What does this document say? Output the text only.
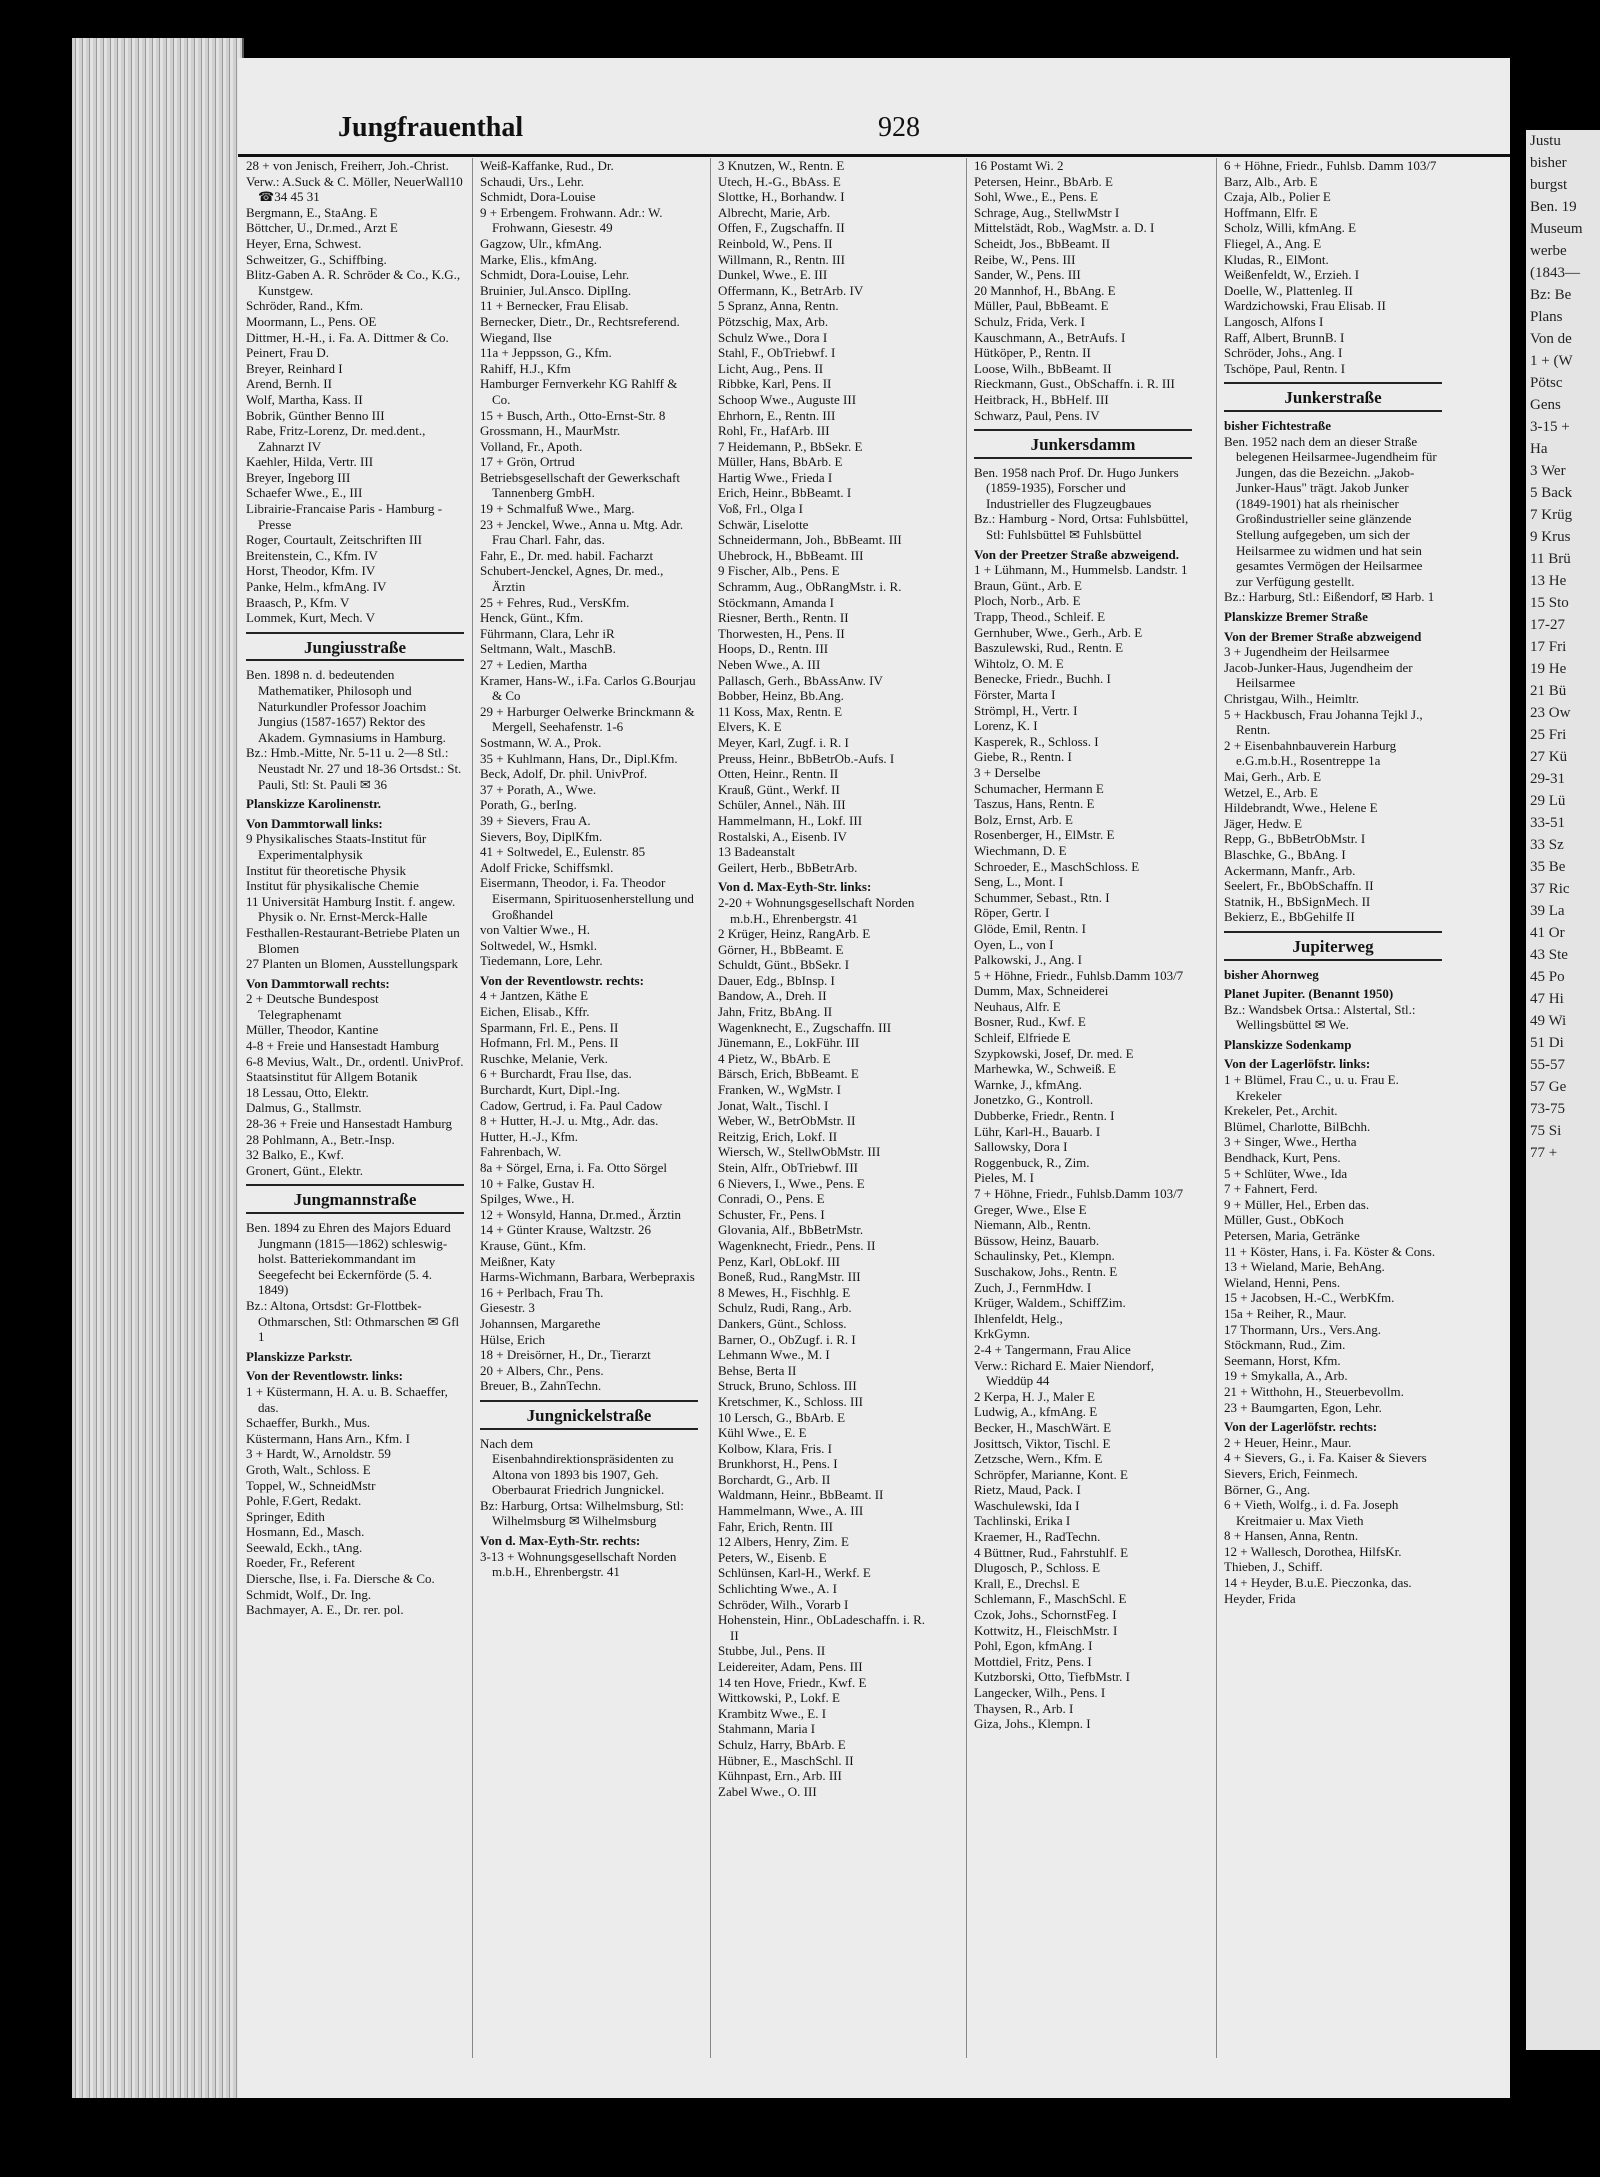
Jungfrauenthal	928

28 + von Jenisch, Freiherr, Joh.-Christ.

Verw.: A.Suck & C. Möller, NeuerWall10 ☎34 45 31

Bergmann, E., StaAng. E

Böttcher, U., Dr.med., Arzt E

Heyer, Erna, Schwest.

Schweitzer, G., Schiffbing.

Blitz-Gaben A. R. Schröder & Co., K.G., Kunstgew.

Schröder, Rand., Kfm.

Moormann, L., Pens. OE

Dittmer, H.-H., i. Fa. A. Dittmer & Co.

Peinert, Frau D.

Breyer, Reinhard I

Arend, Bernh. II

Wolf, Martha, Kass. II

Bobrik, Günther Benno III

Rabe, Fritz-Lorenz, Dr. med.dent., Zahnarzt IV

Kaehler, Hilda, Vertr. III

Breyer, Ingeborg III

Schaefer Wwe., E., III

Librairie-Francaise Paris - Hamburg - Presse

Roger, Courtault, Zeitschriften III

Breitenstein, C., Kfm. IV

Horst, Theodor, Kfm. IV

Panke, Helm., kfmAng. IV

Braasch, P., Kfm. V

Lommek, Kurt, Mech. V

Jungiusstraße

Ben. 1898 n. d. bedeutenden Mathematiker, Philosoph und Naturkundler Professor Joachim Jungius (1587-1657) Rektor des Akadem. Gymnasiums in Hamburg.

Bz.: Hmb.-Mitte, Nr. 5-11 u. 2—8 Stl.: Neustadt Nr. 27 und 18-36 Ortsdst.: St. Pauli, Stl: St. Pauli ✉ 36

Planskizze Karolinenstr.

Von Dammtorwall links:

9 Physikalisches Staats-Institut für Experimentalphysik

Institut für theoretische Physik

Institut für physikalische Chemie

11 Universität Hamburg Instit. f. angew. Physik o. Nr. Ernst-Merck-Halle

Festhallen-Restaurant-Betriebe Platen un Blomen

27 Planten un Blomen, Ausstellungspark

Von Dammtorwall rechts:

2 + Deutsche Bundespost Telegraphenamt

Müller, Theodor, Kantine

4-8 + Freie und Hansestadt Hamburg

6-8 Mevius, Walt., Dr., ordentl. UnivProf.

Staatsinstitut für Allgem Botanik

18 Lessau, Otto, Elektr.

Dalmus, G., Stallmstr.

28-36 + Freie und Hansestadt Hamburg

28 Pohlmann, A., Betr.-Insp.

32 Balko, E., Kwf.

Gronert, Günt., Elektr.

Jungmannstraße

Ben. 1894 zu Ehren des Majors Eduard Jungmann (1815—1862) schleswig-holst. Batteriekommandant im Seegefecht bei Eckernförde (5. 4. 1849)

Bz.: Altona, Ortsdst: Gr-Flottbek-Othmarschen, Stl: Othmarschen ✉ Gfl 1

Planskizze Parkstr.

Von der Reventlowstr. links:

1 + Küstermann, H. A. u. B. Schaeffer, das.

Schaeffer, Burkh., Mus.

Küstermann, Hans Arn., Kfm. I

3 + Hardt, W., Arnoldstr. 59

Groth, Walt., Schloss. E

Toppel, W., SchneidMstr

Pohle, F.Gert, Redakt.

Springer, Edith

Hosmann, Ed., Masch.

Seewald, Eckh., tAng.

Roeder, Fr., Referent

Diersche, Ilse, i. Fa. Diersche & Co.

Schmidt, Wolf., Dr. Ing.

Bachmayer, A. E., Dr. rer. pol.

Weiß-Kaffanke, Rud., Dr.

Schaudi, Urs., Lehr.

Schmidt, Dora-Louise

9 + Erbengem. Frohwann. Adr.: W. Frohwann, Giesestr. 49

Gagzow, Ulr., kfmAng.

Marke, Elis., kfmAng.

Schmidt, Dora-Louise, Lehr.

Bruinier, Jul.Ansco. DiplIng.

11 + Bernecker, Frau Elisab.

Bernecker, Dietr., Dr., Rechtsreferend.

Wiegand, Ilse

11a + Jeppsson, G., Kfm.

Rahiff, H.J., Kfm

Hamburger Fernverkehr KG Rahlff & Co.

15 + Busch, Arth., Otto-Ernst-Str. 8

Grossmann, H., MaurMstr.

Volland, Fr., Apoth.

17 + Grön, Ortrud

Betriebsgesellschaft der Gewerkschaft Tannenberg GmbH.

19 + Schmalfuß Wwe., Marg.

23 + Jenckel, Wwe., Anna u. Mtg. Adr. Frau Charl. Fahr, das.

Fahr, E., Dr. med. habil. Facharzt

Schubert-Jenckel, Agnes, Dr. med., Ärztin

25 + Fehres, Rud., VersKfm.

Henck, Günt., Kfm.

Führmann, Clara, Lehr iR

Seltmann, Walt., MaschB.

27 + Ledien, Martha

Kramer, Hans-W., i.Fa. Carlos G.Bourjau & Co

29 + Harburger Oelwerke Brinckmann & Mergell, Seehafenstr. 1-6

Sostmann, W. A., Prok.

35 + Kuhlmann, Hans, Dr., Dipl.Kfm.

Beck, Adolf, Dr. phil. UnivProf.

37 + Porath, A., Wwe.

Porath, G., berIng.

39 + Sievers, Frau A.

Sievers, Boy, DiplKfm.

41 + Soltwedel, E., Eulenstr. 85

Adolf Fricke, Schiffsmkl.

Eisermann, Theodor, i. Fa. Theodor Eisermann, Spirituosenherstellung und Großhandel

von Valtier Wwe., H.

Soltwedel, W., Hsmkl.

Tiedemann, Lore, Lehr.

Von der Reventlowstr. rechts:

4 + Jantzen, Käthe E

Eichen, Elisab., Kffr.

Sparmann, Frl. E., Pens. II

Hofmann, Frl. M., Pens. II

Ruschke, Melanie, Verk.

6 + Burchardt, Frau Ilse, das.

Burchardt, Kurt, Dipl.-Ing.

Cadow, Gertrud, i. Fa. Paul Cadow

8 + Hutter, H.-J. u. Mtg., Adr. das.

Hutter, H.-J., Kfm.

Fahrenbach, W.

8a + Sörgel, Erna, i. Fa. Otto Sörgel

10 + Falke, Gustav H.

Spilges, Wwe., H.

12 + Wonsyld, Hanna, Dr.med., Ärztin

14 + Günter Krause, Waltzstr. 26

Krause, Günt., Kfm.

Meißner, Katy

Harms-Wichmann, Barbara, Werbepraxis

16 + Perlbach, Frau Th.

Giesestr. 3

Johannsen, Margarethe

Hülse, Erich

18 + Dreisörner, H., Dr., Tierarzt

20 + Albers, Chr., Pens.

Breuer, B., ZahnTechn.

Jungnickelstraße

Nach dem Eisenbahndirektionspräsidenten zu Altona von 1893 bis 1907, Geh. Oberbaurat Friedrich Jungnickel.

Bz: Harburg, Ortsa: Wilhelmsburg, Stl: Wilhelmsburg ✉ Wilhelmsburg

Von d. Max-Eyth-Str. rechts:

3-13 + Wohnungsgesellschaft Norden m.b.H., Ehrenbergstr. 41

3 Knutzen, W., Rentn. E

Utech, H.-G., BbAss. E

Slottke, H., Borhandw. I

Albrecht, Marie, Arb.

Offen, F., Zugschaffn. II

Reinbold, W., Pens. II

Willmann, R., Rentn. III

Dunkel, Wwe., E. III

Offermann, K., BetrArb. IV

5 Spranz, Anna, Rentn.

Pötzschig, Max, Arb.

Schulz Wwe., Dora I

Stahl, F., ObTriebwf. I

Licht, Aug., Pens. II

Ribbke, Karl, Pens. II

Schoop Wwe., Auguste III

Ehrhorn, E., Rentn. III

Rohl, Fr., HafArb. III

7 Heidemann, P., BbSekr. E

Müller, Hans, BbArb. E

Hartig Wwe., Frieda I

Erich, Heinr., BbBeamt. I

Voß, Frl., Olga I

Schwär, Liselotte

Schneidermann, Joh., BbBeamt. III

Uhebrock, H., BbBeamt. III

9 Fischer, Alb., Pens. E

Schramm, Aug., ObRangMstr. i. R.

Stöckmann, Amanda I

Riesner, Berth., Rentn. II

Thorwesten, H., Pens. II

Hoops, D., Rentn. III

Neben Wwe., A. III

Pallasch, Gerh., BbAssAnw. IV

Bobber, Heinz, Bb.Ang.

11 Koss, Max, Rentn. E

Elvers, K. E

Meyer, Karl, Zugf. i. R. I

Preuss, Heinr., BbBetrOb.-Aufs. I

Otten, Heinr., Rentn. II

Krauß, Günt., Werkf. II

Schüler, Annel., Näh. III

Hammelmann, H., Lokf. III

Rostalski, A., Eisenb. IV

13 Badeanstalt

Geilert, Herb., BbBetrArb.

Von d. Max-Eyth-Str. links:

2-20 + Wohnungsgesellschaft Norden m.b.H., Ehrenbergstr. 41

2 Krüger, Heinz, RangArb. E

Görner, H., BbBeamt. E

Schuldt, Günt., BbSekr. I

Dauer, Edg., BbInsp. I

Bandow, A., Dreh. II

Jahn, Fritz, BbAng. II

Wagenknecht, E., Zugschaffn. III

Jünemann, E., LokFühr. III

4 Pietz, W., BbArb. E

Bärsch, Erich, BbBeamt. E

Franken, W., WgMstr. I

Jonat, Walt., Tischl. I

Weber, W., BetrObMstr. II

Reitzig, Erich, Lokf. II

Wiersch, W., StellwObMstr. III

Stein, Alfr., ObTriebwf. III

6 Nievers, I., Wwe., Pens. E

Conradi, O., Pens. E

Schuster, Fr., Pens. I

Glovania, Alf., BbBetrMstr.

Wagenknecht, Friedr., Pens. II

Penz, Karl, ObLokf. III

Boneß, Rud., RangMstr. III

8 Mewes, H., Fischhlg. E

Schulz, Rudi, Rang., Arb.

Dankers, Günt., Schloss.

Barner, O., ObZugf. i. R. I

Lehmann Wwe., M. I

Behse, Berta II

Struck, Bruno, Schloss. III

Kretschmer, K., Schloss. III

10 Lersch, G., BbArb. E

Kühl Wwe., E. E

Kolbow, Klara, Fris. I

Brunkhorst, H., Pens. I

Borchardt, G., Arb. II

Waldmann, Heinr., BbBeamt. II

Hammelmann, Wwe., A. III

Fahr, Erich, Rentn. III

12 Albers, Henry, Zim. E

Peters, W., Eisenb. E

Schlünsen, Karl-H., Werkf. E

Schlichting Wwe., A. I

Schröder, Wilh., Vorarb I

Hohenstein, Hinr., ObLadeschaffn. i. R. II

Stubbe, Jul., Pens. II

Leidereiter, Adam, Pens. III

14 ten Hove, Friedr., Kwf. E

Wittkowski, P., Lokf. E

Krambitz Wwe., E. I

Stahmann, Maria I

Schulz, Harry, BbArb. E

Hübner, E., MaschSchl. II

Kühnpast, Ern., Arb. III

Zabel Wwe., O. III

16 Postamt Wi. 2

Petersen, Heinr., BbArb. E

Sohl, Wwe., E., Pens. E

Schrage, Aug., StellwMstr I

Mittelstädt, Rob., WagMstr. a. D. I

Scheidt, Jos., BbBeamt. II

Reibe, W., Pens. III

Sander, W., Pens. III

20 Mannhof, H., BbAng. E

Müller, Paul, BbBeamt. E

Schulz, Frida, Verk. I

Kauschmann, A., BetrAufs. I

Hütköper, P., Rentn. II

Loose, Wilh., BbBeamt. II

Rieckmann, Gust., ObSchaffn. i. R. III

Heitbrack, H., BbHelf. III

Schwarz, Paul, Pens. IV

Junkersdamm

Ben. 1958 nach Prof. Dr. Hugo Junkers (1859-1935), Forscher und Industrieller des Flugzeugbaues

Bz.: Hamburg - Nord, Ortsa: Fuhlsbüttel, Stl: Fuhlsbüttel ✉ Fuhlsbüttel

Von der Preetzer Straße abzweigend.

1 + Lühmann, M., Hummelsb. Landstr. 1

Braun, Günt., Arb. E

Ploch, Norb., Arb. E

Trapp, Theod., Schleif. E

Gernhuber, Wwe., Gerh., Arb. E

Baszulewski, Rud., Rentn. E

Wihtolz, O. M. E

Benecke, Friedr., Buchh. I

Förster, Marta I

Strömpl, H., Vertr. I

Lorenz, K. I

Kasperek, R., Schloss. I

Giebe, R., Rentn. I

3 + Derselbe

Schumacher, Hermann E

Taszus, Hans, Rentn. E

Bolz, Ernst, Arb. E

Rosenberger, H., ElMstr. E

Wiechmann, D. E

Schroeder, E., MaschSchloss. E

Seng, L., Mont. I

Schummer, Sebast., Rtn. I

Röper, Gertr. I

Glöde, Emil, Rentn. I

Oyen, L., von I

Palkowski, J., Ang. I

5 + Höhne, Friedr., Fuhlsb.Damm 103/7

Dumm, Max, Schneiderei

Neuhaus, Alfr. E

Bosner, Rud., Kwf. E

Schleif, Elfriede E

Szypkowski, Josef, Dr. med. E

Marhewka, W., Schweiß. E

Warnke, J., kfmAng.

Jonetzko, G., Kontroll.

Dubberke, Friedr., Rentn. I

Lühr, Karl-H., Bauarb. I

Sallowsky, Dora I

Roggenbuck, R., Zim.

Pieles, M. I

7 + Höhne, Friedr., Fuhlsb.Damm 103/7

Greger, Wwe., Else E

Niemann, Alb., Rentn.

Büssow, Heinz, Bauarb.

Schaulinsky, Pet., Klempn.

Suschakow, Johs., Rentn. E

Zuch, J., FernmHdw. I

Krüger, Waldem., SchiffZim.

Ihlenfeldt, Helg.,

KrkGymn.

2-4 + Tangermann, Frau Alice

Verw.: Richard E. Maier Niendorf, Wieddüp 44

2 Kerpa, H. J., Maler E

Ludwig, A., kfmAng. E

Becker, H., MaschWärt. E

Josittsch, Viktor, Tischl. E

Zetzsche, Wern., Kfm. E

Schröpfer, Marianne, Kont. E

Rietz, Maud, Pack. I

Waschulewski, Ida I

Tachlinski, Erika I

Kraemer, H., RadTechn.

4 Büttner, Rud., Fahrstuhlf. E

Dlugosch, P., Schloss. E

Krall, E., Drechsl. E

Schlemann, F., MaschSchl. E

Czok, Johs., SchornstFeg. I

Kottwitz, H., FleischMstr. I

Pohl, Egon, kfmAng. I

Mottdiel, Fritz, Pens. I

Kutzborski, Otto, TiefbMstr. I

Langecker, Wilh., Pens. I

Thaysen, R., Arb. I

Giza, Johs., Klempn. I

6 + Höhne, Friedr., Fuhlsb. Damm 103/7

Barz, Alb., Arb. E

Czaja, Alb., Polier E

Hoffmann, Elfr. E

Scholz, Willi, kfmAng. E

Fliegel, A., Ang. E

Kludas, R., ElMont.

Weißenfeldt, W., Erzieh. I

Doelle, W., Plattenleg. II

Wardzichowski, Frau Elisab. II

Langosch, Alfons I

Raff, Albert, BrunnB. I

Schröder, Johs., Ang. I

Tschöpe, Paul, Rentn. I

Junkerstraße

bisher Fichtestraße

Ben. 1952 nach dem an dieser Straße belegenen Heilsarmee-Jugendheim für Jungen, das die Bezeichn. „Jakob-Junker-Haus" trägt. Jakob Junker (1849-1901) hat als rheinischer Großindustrieller seine glänzende Stellung aufgegeben, um sich der Heilsarmee zu widmen und hat sein gesamtes Vermögen der Heilsarmee zur Verfügung gestellt.

Bz.: Harburg, Stl.: Eißendorf, ✉ Harb. 1

Planskizze Bremer Straße

Von der Bremer Straße abzweigend

3 + Jugendheim der Heilsarmee

Jacob-Junker-Haus, Jugendheim der Heilsarmee

Christgau, Wilh., Heimltr.

5 + Hackbusch, Frau Johanna Tejkl J., Rentn.

2 + Eisenbahnbauverein Harburg e.G.m.b.H., Rosentreppe 1a

Mai, Gerh., Arb. E

Wetzel, E., Arb. E

Hildebrandt, Wwe., Helene E

Jäger, Hedw. E

Repp, G., BbBetrObMstr. I

Blaschke, G., BbAng. I

Ackermann, Manfr., Arb.

Seelert, Fr., BbObSchaffn. II

Statnik, H., BbSignMech. II

Bekierz, E., BbGehilfe II

Jupiterweg

bisher Ahornweg

Planet Jupiter. (Benannt 1950)

Bz.: Wandsbek Ortsa.: Alstertal, Stl.: Wellingsbüttel ✉ We.

Planskizze Sodenkamp

Von der Lagerlöfstr. links:

1 + Blümel, Frau C., u. u. Frau E. Krekeler

Krekeler, Pet., Archit.

Blümel, Charlotte, BilBchh.

3 + Singer, Wwe., Hertha

Bendhack, Kurt, Pens.

5 + Schlüter, Wwe., Ida

7 + Fahnert, Ferd.

9 + Müller, Hel., Erben das.

Müller, Gust., ObKoch

Petersen, Maria, Getränke

11 + Köster, Hans, i. Fa. Köster & Cons.

13 + Wieland, Marie, BehAng.

Wieland, Henni, Pens.

15 + Jacobsen, H.-C., WerbKfm.

15a + Reiher, R., Maur.

17 Thormann, Urs., Vers.Ang.

Stöckmann, Rud., Zim.

Seemann, Horst, Kfm.

19 + Smykalla, A., Arb.

21 + Witthohn, H., Steuerbevollm.

23 + Baumgarten, Egon, Lehr.

Von der Lagerlöfstr. rechts:

2 + Heuer, Heinr., Maur.

4 + Sievers, G., i. Fa. Kaiser & Sievers

Sievers, Erich, Feinmech.

Börner, G., Ang.

6 + Vieth, Wolfg., i. d. Fa. Joseph Kreitmaier u. Max Vieth

8 + Hansen, Anna, Rentn.

12 + Wallesch, Dorothea, HilfsKr.

Thieben, J., Schiff.

14 + Heyder, B.u.E. Pieczonka, das.

Heyder, Frida

Justu
bisher
burgst
Ben. 19
Museum
werbe
(1843—
Bz: Be
Plans
Von de
1 + (W
Pötsc
Gens
3-15 +
Ha
3 Wer
5 Back
7 Krüg
9 Krus
11 Brü
13 He
15 Sto
17-27
17 Fri
19 He
21 Bü
23 Ow
25 Fri
27 Kü
29-31
29 Lü
33-51
33 Sz
35 Be
37 Ric
39 La
41 Or
43 Ste
45 Po
47 Hi
49 Wi
51 Di
55-57
57 Ge
73-75
75 Si
77 +
